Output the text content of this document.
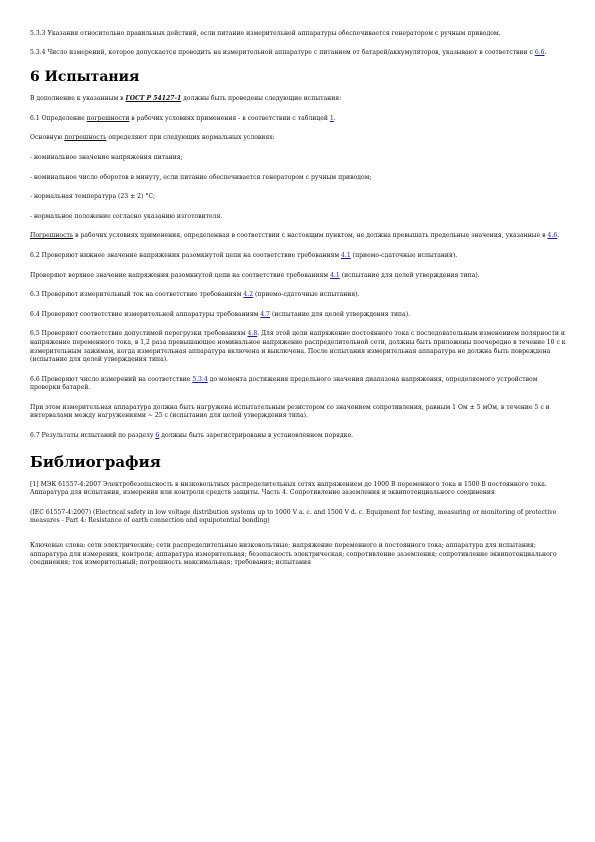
5.3.3 Указания относительно правильных действий, если питание измерительной аппаратуры обеспечивается генератором с ручным приводом.

5.3.4 Число измерений, которое допускается проводить на измерительной аппаратуре с питанием от батарей/аккумуляторов, указывают в соответствии с 6.6.

6 Испытания

В дополнение к указанным в ГОСТ Р 54127-1 должны быть проведены следующие испытания:

6.1 Определение погрешности в рабочих условиях применения - в соответствии с таблицей 1.

Основную погрешность определяют при следующих нормальных условиях:

- номинальное значение напряжения питания;

- номинальное число оборотов в минуту, если питание обеспечивается генератором с ручным приводом;

- нормальная температура (23 ± 2) °С;

- нормальное положение согласно указанию изготовителя.

Погрешность в рабочих условиях применения, определенная в соответствии с настоящим пунктом, не должна превышать предельные значения, указанные в 4.6.

6.2 Проверяют нижнее значение напряжения разомкнутой цепи на соответствие требованиям 4.1 (приемо-сдаточные испытания).

Проверяют верхнее значение напряжения разомкнутой цепи на соответствие требованиям 4.1 (испытание для целей утверждения типа).

6.3 Проверяют измерительный ток на соответствие требованиям 4.2 (приемо-сдаточные испытания).

6.4 Проверяют соответствие измерительной аппаратуры требованиям 4.7 (испытание для целей утверждения типа).

6.5 Проверяют соответствие допустимой перегрузки требованиям 4.8. Для этой цели напряжение постоянного тока с последовательным изменением полярности и напряжение переменного тока, в 1,2 раза превышающее номинальное напряжение распределительной сети, должны быть приложены поочередно в течение 10 с к измерительным зажимам, когда измерительная аппаратура включена и выключена. После испытания измерительная аппаратура не должна быть повреждена (испытание для целей утверждения типа).

6.6 Проверяют число измерений на соответствие 5.3.4 до момента достижения предельного значения диапазона напряжения, определяемого устройством проверки батарей.

При этом измерительная аппаратура должна быть нагружена испытательным резистором со значением сопротивления, равным 1 Ом ± 5 мОм, в течение 5 с и интервалами между нагружениями ~ 25 с (испытание для целей утверждения типа).

6.7 Результаты испытаний по разделу 6 должны быть зарегистрированы в установленном порядке.

Библиография

[1] МЭК 61557-4:2007 Электробезопасность в низковольтных распределительных сетях напряжением до 1000 В переменного тока и 1500 В постоянного тока. Аппаратура для испытания, измерения или контроля средств защиты. Часть 4. Сопротивление заземления и эквипотенциального соединения

(IEC 61557-4:2007) (Electrical safety in low voltage distribution systems up to 1000 V a. c. and 1500 V d. c. Equipment for testing, measuring or monitoring of protective measures - Part 4: Resistance of earth connection and equipotential bonding)

Ключевые слова: сети электрические; сети распределительные низковольтные; напряжение переменного и постоянного тока; аппаратура для испытания; аппаратура для измерения, контроля; аппаратура измерительная; безопасность электрическая; сопротивление заземления; сопротивление эквипотенциального соединения; ток измерительный; погрешность максимальная; требования; испытания
